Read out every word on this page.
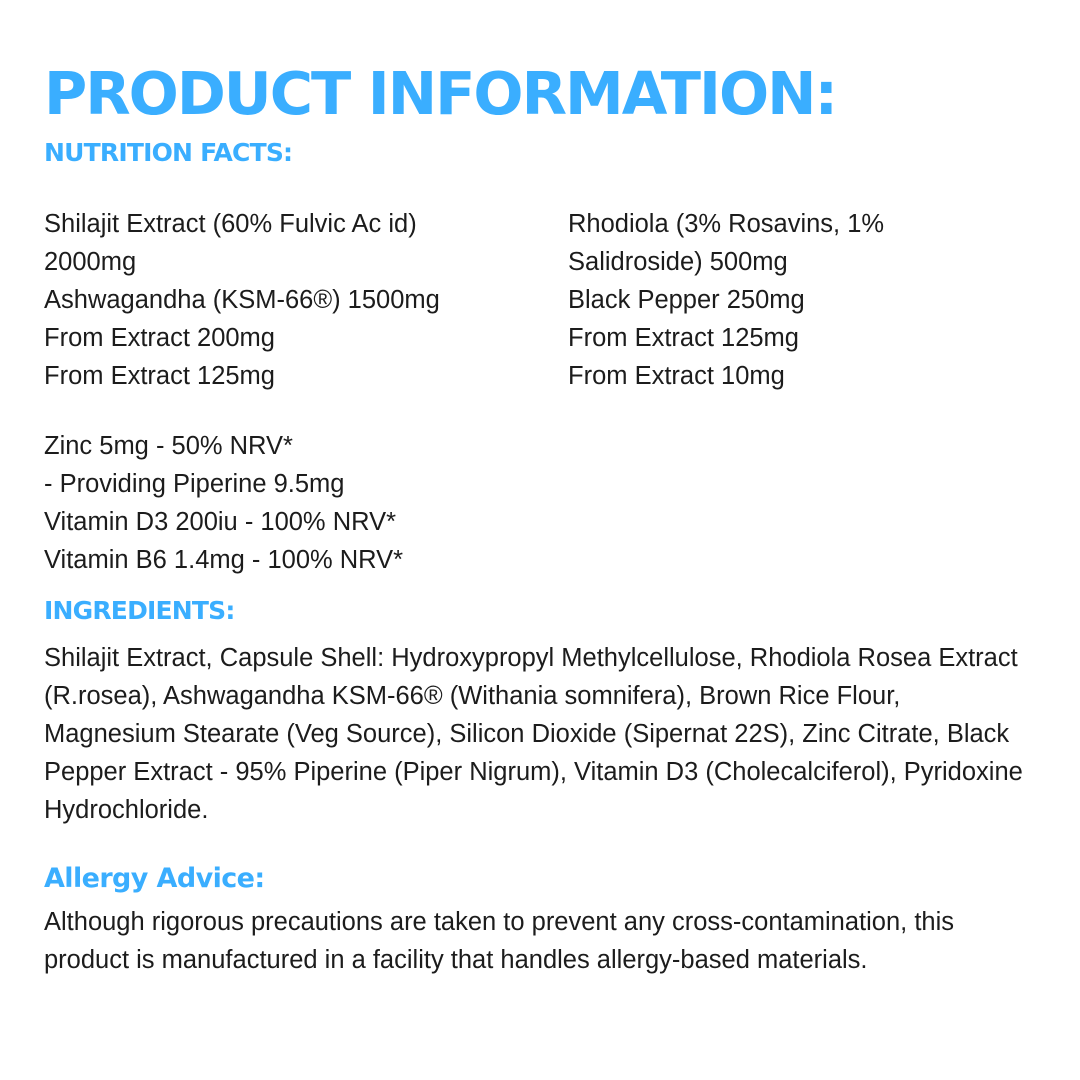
PRODUCT INFORMATION:
NUTRITION FACTS:
Shilajit Extract (60% Fulvic Ac id)
2000mg
Ashwagandha (KSM-66®) 1500mg
From Extract 200mg
From Extract 125mg
Rhodiola (3% Rosavins, 1%
Salidroside) 500mg
Black Pepper 250mg
From Extract 125mg
From Extract 10mg
Zinc 5mg - 50% NRV*
- Providing Piperine 9.5mg
Vitamin D3 200iu - 100% NRV*
Vitamin B6 1.4mg - 100% NRV*
INGREDIENTS:

Shilajit Extract, Capsule Shell: Hydroxypropyl Methylcellulose, Rhodiola Rosea Extract (R.rosea), Ashwagandha KSM-66® (Withania somnifera), Brown Rice Flour, Magnesium Stearate (Veg Source), Silicon Dioxide (Sipernat 22S), Zinc Citrate, Black Pepper Extract - 95% Piperine (Piper Nigrum), Vitamin D3 (Cholecalciferol), Pyridoxine Hydrochloride.

Allergy Advice:

Although rigorous precautions are taken to prevent any cross-contamination, this product is manufactured in a facility that handles allergy-based materials.
